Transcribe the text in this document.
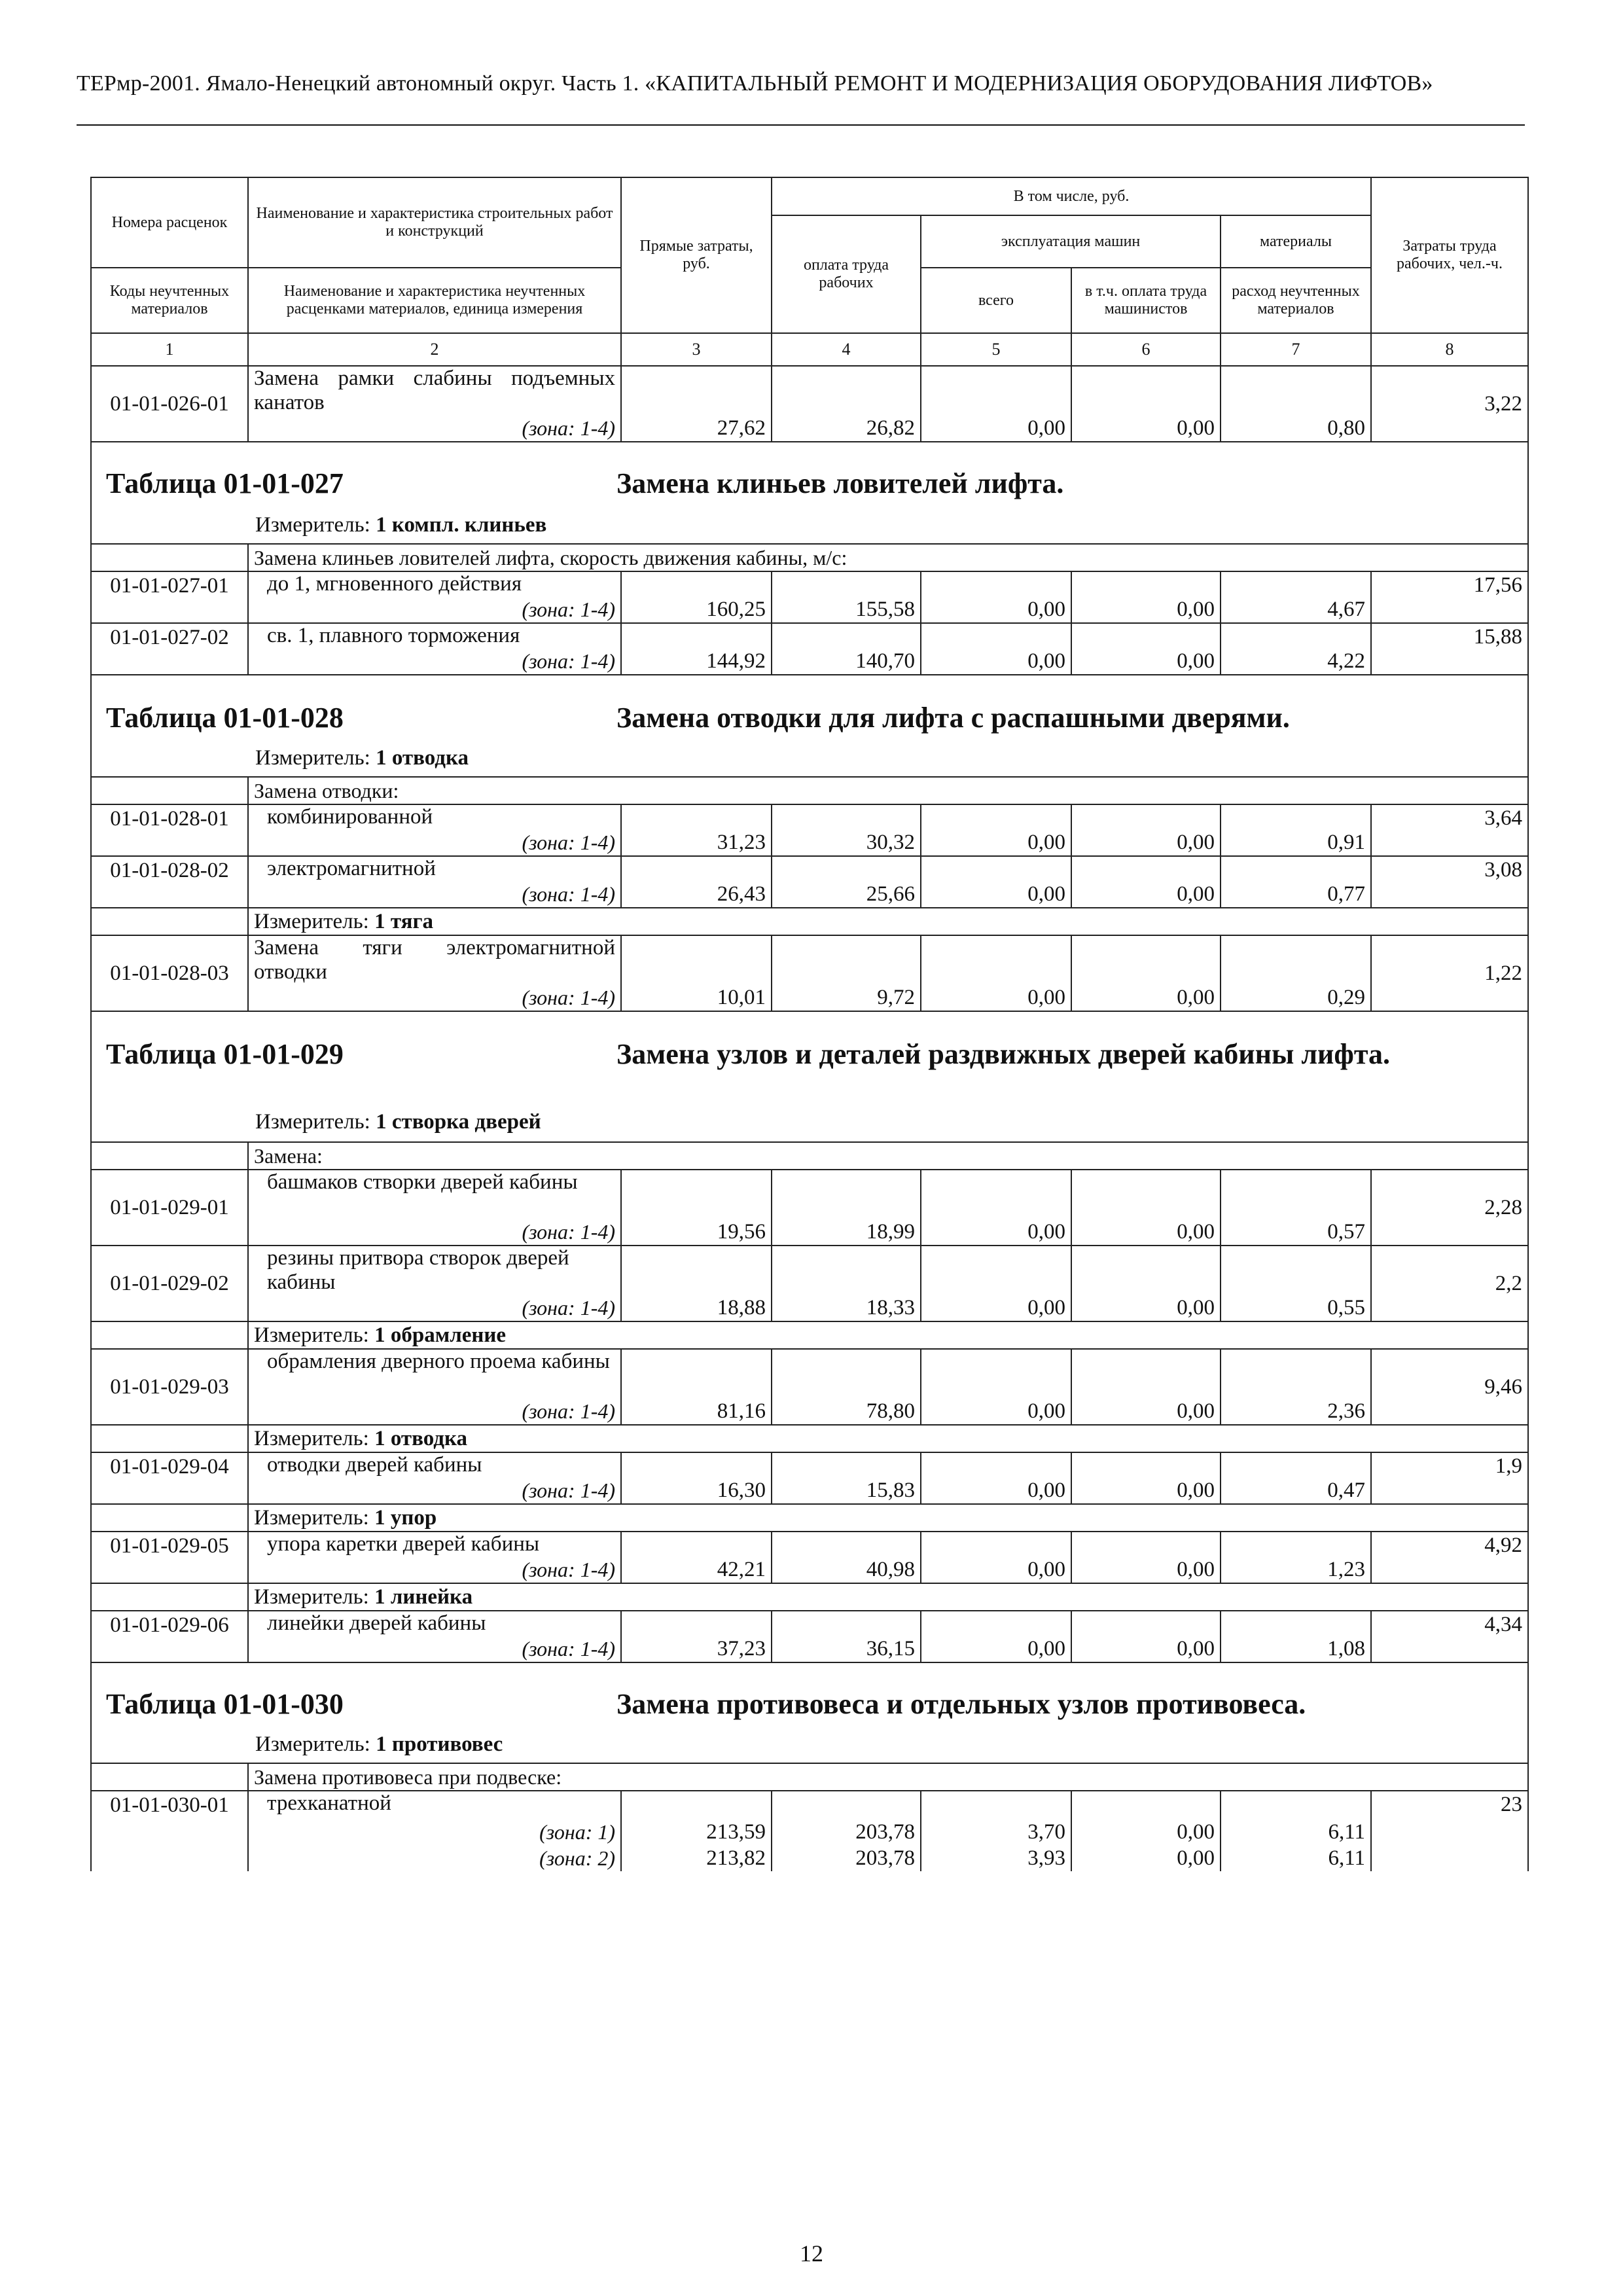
ТЕРмр-2001. Ямало-Ненецкий автономный округ. Часть 1. «КАПИТАЛЬНЫЙ РЕМОНТ И МОДЕРНИЗАЦИЯ ОБОРУДОВАНИЯ ЛИФТОВ»
Номера расценок	Наименование и характеристика строительных работ и конструкций	Прямые затраты, руб.	В том числе, руб.				Затраты труда рабочих, чел.-ч.

			оплата труда рабочих	эксплуатация машин		материалы	
Коды неучтенных материалов	Наименование и характеристика неучтенных расценками материалов, единица измерения			всего	в т.ч. оплата труда машинистов	расход неучтенных материалов	
1	2	3	4	5	6	7	8
01-01-026-01	Замена рамки слабины подъемных канатов						3,22
	(зона: 1-4)	27,62	26,82	0,00	0,00	0,80	

Таблица 01-01-027 Замена клиньев ловителей лифта.
Измеритель: 1 компл. клиньев							

	Замена клиньев ловителей лифта, скорость движения кабины, м/с:						
01-01-027-01	до 1, мгновенного действия						17,56
	(зона: 1-4)	160,25	155,58	0,00	0,00	4,67	
01-01-027-02	св. 1, плавного торможения						15,88
	(зона: 1-4)	144,92	140,70	0,00	0,00	4,22	

Таблица 01-01-028 Замена отводки для лифта с распашными дверями.
Измеритель: 1 отводка							

	Замена отводки:						
01-01-028-01	комбинированной						3,64
	(зона: 1-4)	31,23	30,32	0,00	0,00	0,91	
01-01-028-02	электромагнитной						3,08
	(зона: 1-4)	26,43	25,66	0,00	0,00	0,77	
	Измеритель: 1 тяга						
01-01-028-03	Замена тяги электромагнитной отводки						1,22
	(зона: 1-4)	10,01	9,72	0,00	0,00	0,29	

Таблица 01-01-029 Замена узлов и деталей раздвижных дверей кабины лифта.
Измеритель: 1 створка дверей							

	Замена:						
01-01-029-01	башмаков створки дверей кабины						2,28
	(зона: 1-4)	19,56	18,99	0,00	0,00	0,57	
01-01-029-02	резины притвора створок дверей кабины						2,2
	(зона: 1-4)	18,88	18,33	0,00	0,00	0,55	
	Измеритель: 1 обрамление						
01-01-029-03	обрамления дверного проема кабины						9,46
	(зона: 1-4)	81,16	78,80	0,00	0,00	2,36	
	Измеритель: 1 отводка						
01-01-029-04	отводки дверей кабины						1,9
	(зона: 1-4)	16,30	15,83	0,00	0,00	0,47	
	Измеритель: 1 упор						
01-01-029-05	упора каретки дверей кабины						4,92
	(зона: 1-4)	42,21	40,98	0,00	0,00	1,23	
	Измеритель: 1 линейка						
01-01-029-06	линейки дверей кабины						4,34
	(зона: 1-4)	37,23	36,15	0,00	0,00	1,08	

Таблица 01-01-030 Замена противовеса и отдельных узлов противовеса.
Измеритель: 1 противовес							

	Замена противовеса при подвеске:						
01-01-030-01	трехканатной						23
	(зона: 1)	213,59	203,78	3,70	0,00	6,11	
	(зона: 2)	213,82	203,78	3,93	0,00	6,11	
12
